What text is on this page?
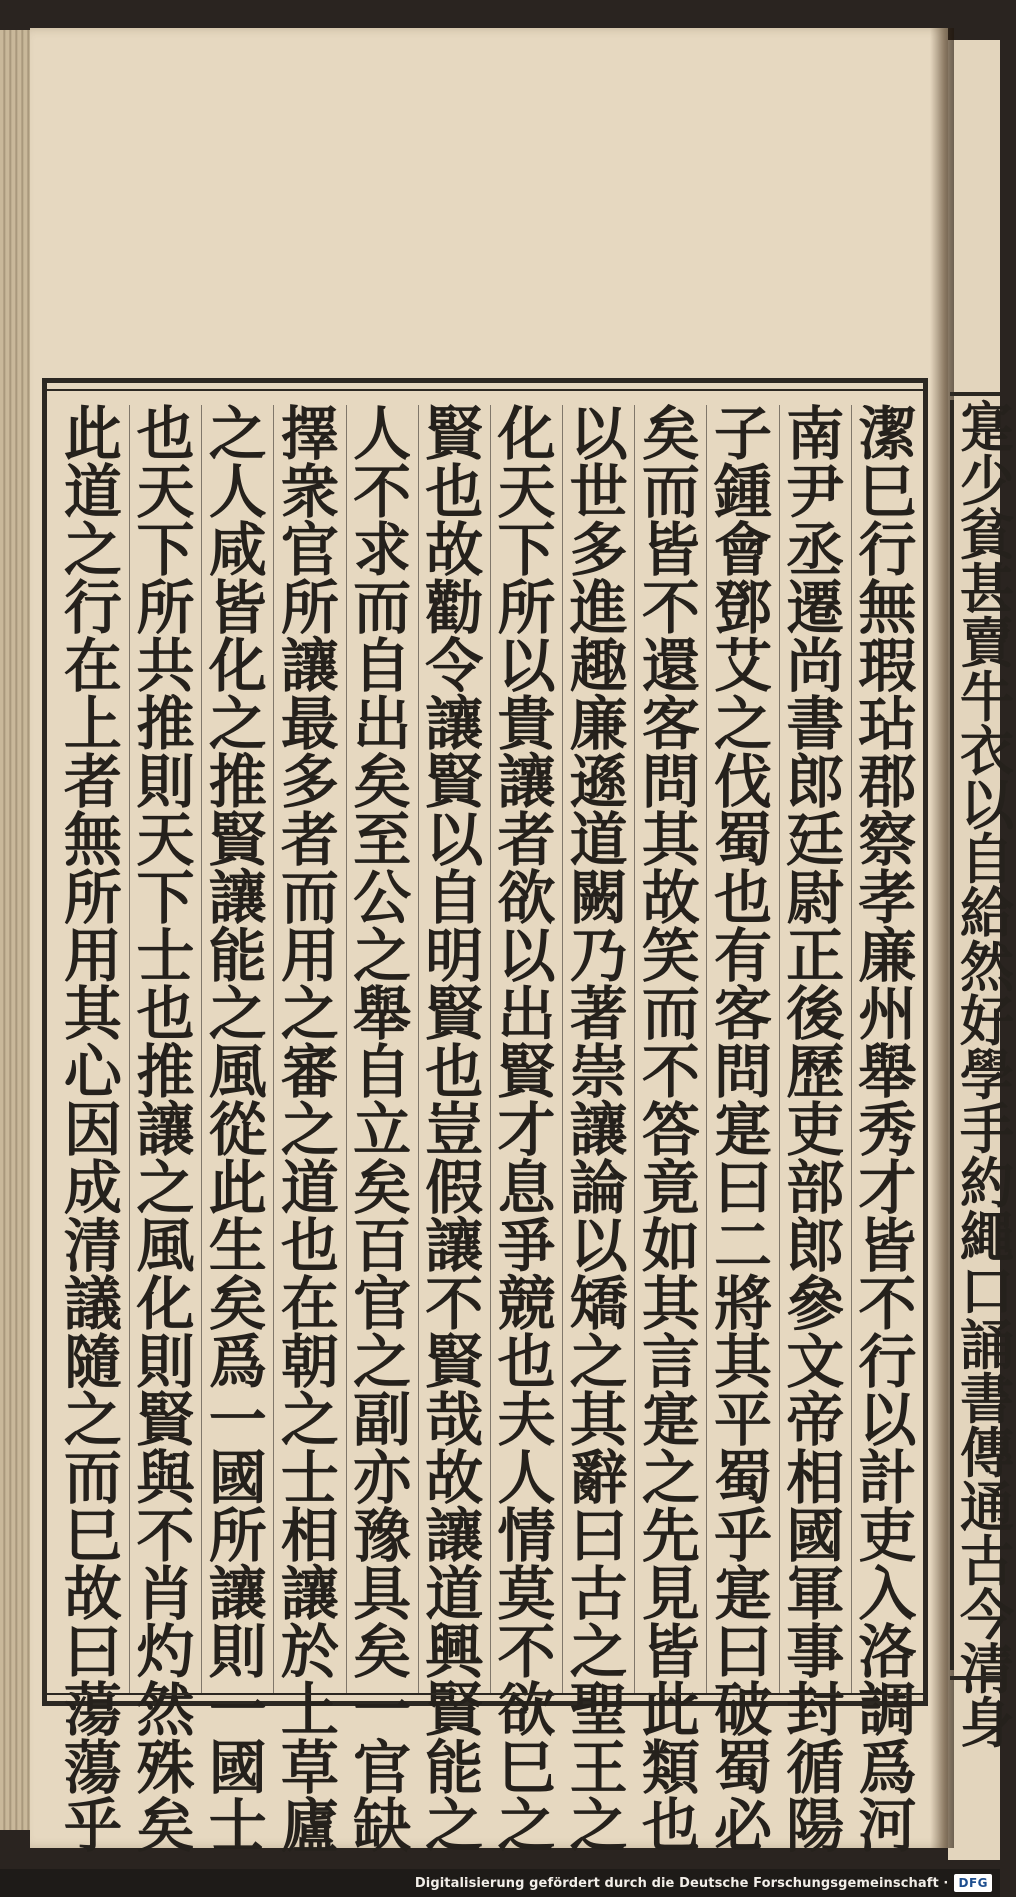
潔
巳
行
無
瑕
玷
郡
察
孝
廉
州
舉
秀
才
皆
不
行
以
計
吏
入
洛
調
爲
河
南
尹
丞
遷
尚
書
郎
廷
尉
正
後
歷
吏
部
郎
參
文
帝
相
國
軍
事
封
循
陽
子
鍾
會
鄧
艾
之
伐
蜀
也
有
客
問
寔
曰
二
將
其
平
蜀
乎
寔
曰
破
蜀
必
矣
而
皆
不
還
客
問
其
故
笑
而
不
答
竟
如
其
言
寔
之
先
見
皆
此
類
也
以
世
多
進
趣
廉
遜
道
闕
乃
著
崇
讓
論
以
矯
之
其
辭
曰
古
之
聖
王
之
化
天
下
所
以
貴
讓
者
欲
以
出
賢
才
息
爭
競
也
夫
人
情
莫
不
欲
巳
之
賢
也
故
勸
令
讓
賢
以
自
明
賢
也
豈
假
讓
不
賢
哉
故
讓
道
興
賢
能
之
人
不
求
而
自
出
矣
至
公
之
舉
自
立
矣
百
官
之
副
亦
豫
具
矣
一
官
缺
擇
衆
官
所
讓
最
多
者
而
用
之
審
之
道
也
在
朝
之
士
相
讓
於
上
草
廬
之
人
咸
皆
化
之
推
賢
讓
能
之
風
從
此
生
矣
爲
一
國
所
讓
則
一
國
士
也
天
下
所
共
推
則
天
下
士
也
推
讓
之
風
化
則
賢
與
不
肖
灼
然
殊
矣
此
道
之
行
在
上
者
無
所
用
其
心
因
成
清
議
隨
之
而
巳
故
曰
蕩
蕩
乎
寔
少
貧
甚
賣
牛
衣
以
自
給
然
好
學
手
約
繩
口
誦
書
傳
通
古
今
清
身
Digitalisierung gefördert durch die Deutsche Forschungsgemeinschaft · DFG
